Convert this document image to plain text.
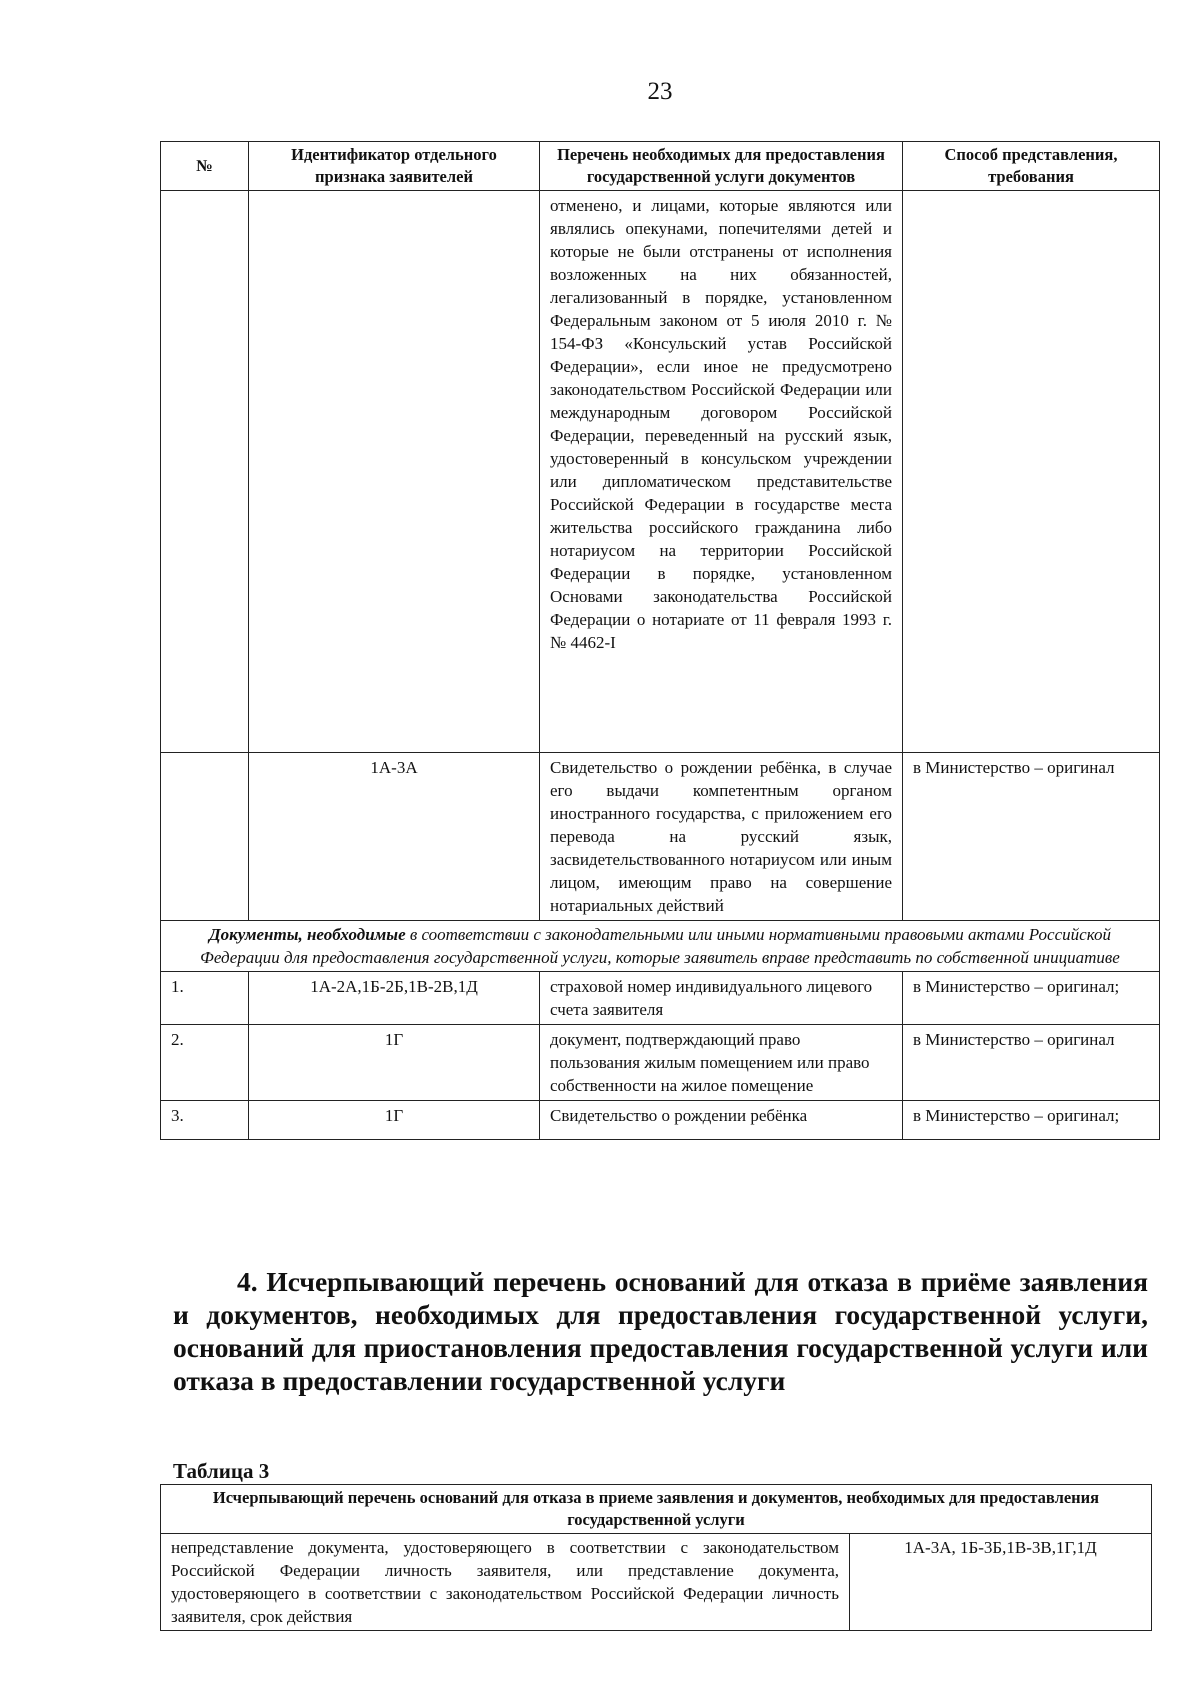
23
№	Идентификатор отдельного признака заявителей	Перечень необходимых для предоставления государственной услуги документов	Способ представления, требования
		отменено, и лицами, которые являются или являлись опекунами, попечителями детей и которые не были отстранены от исполнения возложенных на них обязанностей, легализованный в порядке, установленном Федеральным законом от 5 июля 2010 г. № 154-ФЗ «Консульский устав Российской Федерации», если иное не предусмотрено законодательством Российской Федерации или международным договором Российской Федерации, переведенный на русский язык, удостоверенный в консульском учреждении или дипломатическом представительстве Российской Федерации в государстве места жительства российского гражданина либо нотариусом на территории Российской Федерации в порядке, установленном Основами законодательства Российской Федерации о нотариате от 11 февраля 1993 г. № 4462-I	
	1А-3А	Свидетельство о рождении ребёнка, в случае его выдачи компетентным органом иностранного государства, с приложением его перевода на русский язык, засвидетельствованного нотариусом или иным лицом, имеющим право на совершение нотариальных действий	в Министерство – оригинал
Документы, необходимые в соответствии с законодательными или иными нормативными правовыми актами Российской Федерации для предоставления государственной услуги, которые заявитель вправе представить по собственной инициативе			
1.	1А-2А,1Б-2Б,1В-2В,1Д	страховой номер индивидуального лицевого счета заявителя	в Министерство – оригинал;
2.	1Г	документ, подтверждающий право пользования жилым помещением или право собственности на жилое помещение	в Министерство – оригинал
3.	1Г	Свидетельство о рождении ребёнка	в Министерство – оригинал;

4. Исчерпывающий перечень оснований для отказа в приёме заявления и документов, необходимых для предоставления государственной услуги, оснований для приостановления предоставления государственной услуги или отказа в предоставлении государственной услуги

Таблица 3

Исчерпывающий перечень оснований для отказа в приеме заявления и документов, необходимых для предоставления государственной услуги
непредставление документа, удостоверяющего в соответствии с законодательством Российской Федерации личность заявителя, или представление документа, удостоверяющего в соответствии с законодательством Российской Федерации личность заявителя, срок действия	1А-3А, 1Б-3Б,1В-3В,1Г,1Д
